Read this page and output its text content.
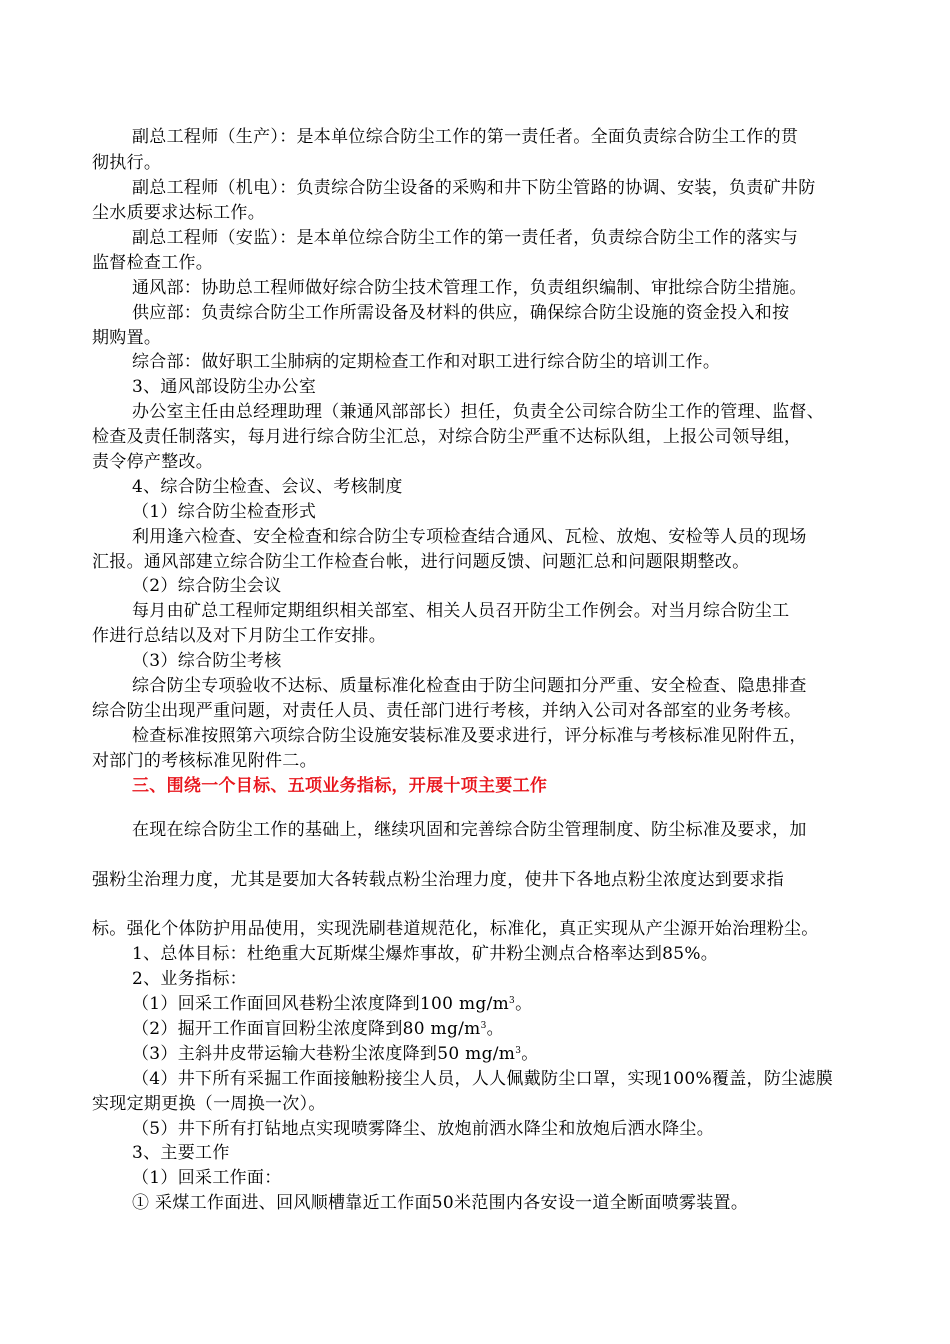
副总工程师（生产）：是本单位综合防尘工作的第一责任者。全面负责综合防尘工作的贯
彻执行。
副总工程师（机电）：负责综合防尘设备的采购和井下防尘管路的协调、安装，负责矿井防
尘水质要求达标工作。
副总工程师（安监）：是本单位综合防尘工作的第一责任者，负责综合防尘工作的落实与
监督检查工作。
通风部：协助总工程师做好综合防尘技术管理工作，负责组织编制、审批综合防尘措施。
供应部：负责综合防尘工作所需设备及材料的供应，确保综合防尘设施的资金投入和按
期购置。
综合部：做好职工尘肺病的定期检查工作和对职工进行综合防尘的培训工作。
3、通风部设防尘办公室
办公室主任由总经理助理（兼通风部部长）担任，负责全公司综合防尘工作的管理、监督、
检查及责任制落实，每月进行综合防尘汇总，对综合防尘严重不达标队组，上报公司领导组，
责令停产整改。
4、综合防尘检查、会议、考核制度
（1）综合防尘检查形式
利用逢六检查、安全检查和综合防尘专项检查结合通风、瓦检、放炮、安检等人员的现场
汇报。通风部建立综合防尘工作检查台帐，进行问题反馈、问题汇总和问题限期整改。
（2）综合防尘会议
每月由矿总工程师定期组织相关部室、相关人员召开防尘工作例会。对当月综合防尘工
作进行总结以及对下月防尘工作安排。
（3）综合防尘考核
综合防尘专项验收不达标、质量标准化检查由于防尘问题扣分严重、安全检查、隐患排查
综合防尘出现严重问题，对责任人员、责任部门进行考核，并纳入公司对各部室的业务考核。
检查标准按照第六项综合防尘设施安装标准及要求进行，评分标准与考核标准见附件五，
对部门的考核标准见附件二。
三、围绕一个目标、五项业务指标，开展十项主要工作
在现在综合防尘工作的基础上，继续巩固和完善综合防尘管理制度、防尘标准及要求，加
强粉尘治理力度，尤其是要加大各转载点粉尘治理力度，使井下各地点粉尘浓度达到要求指
标。强化个体防护用品使用，实现洗刷巷道规范化，标准化，真正实现从产尘源开始治理粉尘。
1、总体目标：杜绝重大瓦斯煤尘爆炸事故，矿井粉尘测点合格率达到85%。
2、业务指标：
（1）回采工作面回风巷粉尘浓度降到100 $mg/m^3$。
（2）掘开工作面盲回粉尘浓度降到80 $mg/m^3$。
（3）主斜井皮带运输大巷粉尘浓度降到50 $mg/m^3$。
（4）井下所有采掘工作面接触粉接尘人员，人人佩戴防尘口罩，实现100%覆盖，防尘滤膜
实现定期更换（一周换一次）。
（5）井下所有打钻地点实现喷雾降尘、放炮前洒水降尘和放炮后洒水降尘。
3、主要工作
（1）回采工作面：
① 采煤工作面进、回风顺槽靠近工作面50米范围内各安设一道全断面喷雾装置。
